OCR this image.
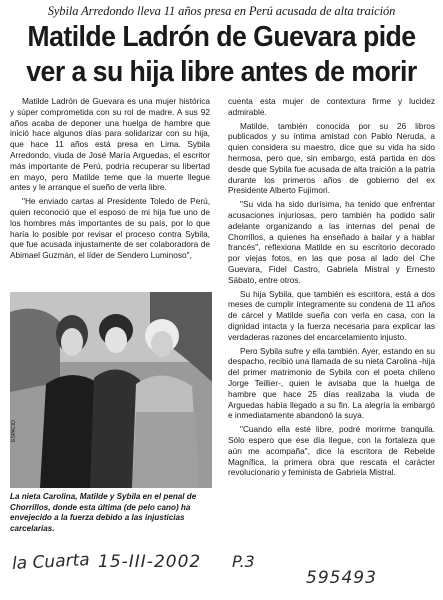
Sybila Arredondo lleva 11 años presa en Perú acusada de alta traición
Matilde Ladrón de Guevara pide ver a su hija libre antes de morir

Matilde Ladrón de Guevara es una mujer histórica y súper comprometida con su rol de madre. A sus 92 años acaba de deponer una huelga de hambre que inició hace algunos días para solidarizar con su hija, que hace 11 años está presa en Lima. Sybila Arredondo, viuda de José María Arguedas, el escritor más importante de Perú, podría recuperar su libertad en mayo, pero Matilde teme que la muerte llegue antes y le arranque el sueño de verla libre.

"He enviado cartas al Presidente Toledo de Perú, quien reconoció que el esposo de mi hija fue uno de los hombres más importantes de su país, por lo que haría lo posible por revisar el proceso contra Sybila, que fue acusada injustamente de ser colaboradora de Abimael Guzmán, el líder de Sendero Luminoso",

ESPACIO
La nieta Carolina, Matilde y Sybila en el penal de Chorrillos, donde esta última (de pelo cano) ha envejecido a la fuerza debido a las injusticias carcelarias.

cuenta esta mujer de contextura firme y lucidez admirable.

Matilde, también conocida por su 26 libros publicados y su íntima amistad con Pablo Neruda, a quien considera su maestro, dice que su vida ha sido hermosa, pero que, sin embargo, está partida en dos desde que Sybila fue acusada de alta traición a la patria durante los primeros años de gobierno del ex Presidente Alberto Fujimori.

"Su vida ha sido durísima, ha tenido que enfrentar acusaciones injuriosas, pero también ha podido salir adelante organizando a las internas del penal de Chorrillos, a quienes ha enseñado a bailar y a hablar francés", reflexiona Matilde en su escritorio decorado por viejas fotos, en las que posa al lado del Che Guevara, Fidel Castro, Gabriela Mistral y Ernesto Sábato, entre otros.

Su hija Sybila, que también es escritora, está a dos meses de cumplir íntegramente su condena de 11 años de cárcel y Matilde sueña con verla en casa, con la dignidad intacta y la fuerza necesaria para explicar las verdaderas razones del encarcelamiento injusto.

Pero Sybila sufre y ella también. Ayer, estando en su despacho, recibió una llamada de su nieta Carolina -hija del primer matrimonio de Sybila con el poeta chileno Jorge Teillier-, quien le avisaba que la huelga de hambre que hace 25 días realizaba la viuda de Arguedas había llegado a su fin. La alegría la embargó e inmediatamente abandonó la suya.

"Cuando ella esté libre, podré morirme tranquila. Sólo espero que ese día llegue, con la fortaleza que aún me acompaña", dice la escritora de Rebelde Magnífica, la primera obra que rescata el carácter revolucionario y feminista de Gabriela Mistral.

la Cuarta 15-III-2002 P.3
595493
